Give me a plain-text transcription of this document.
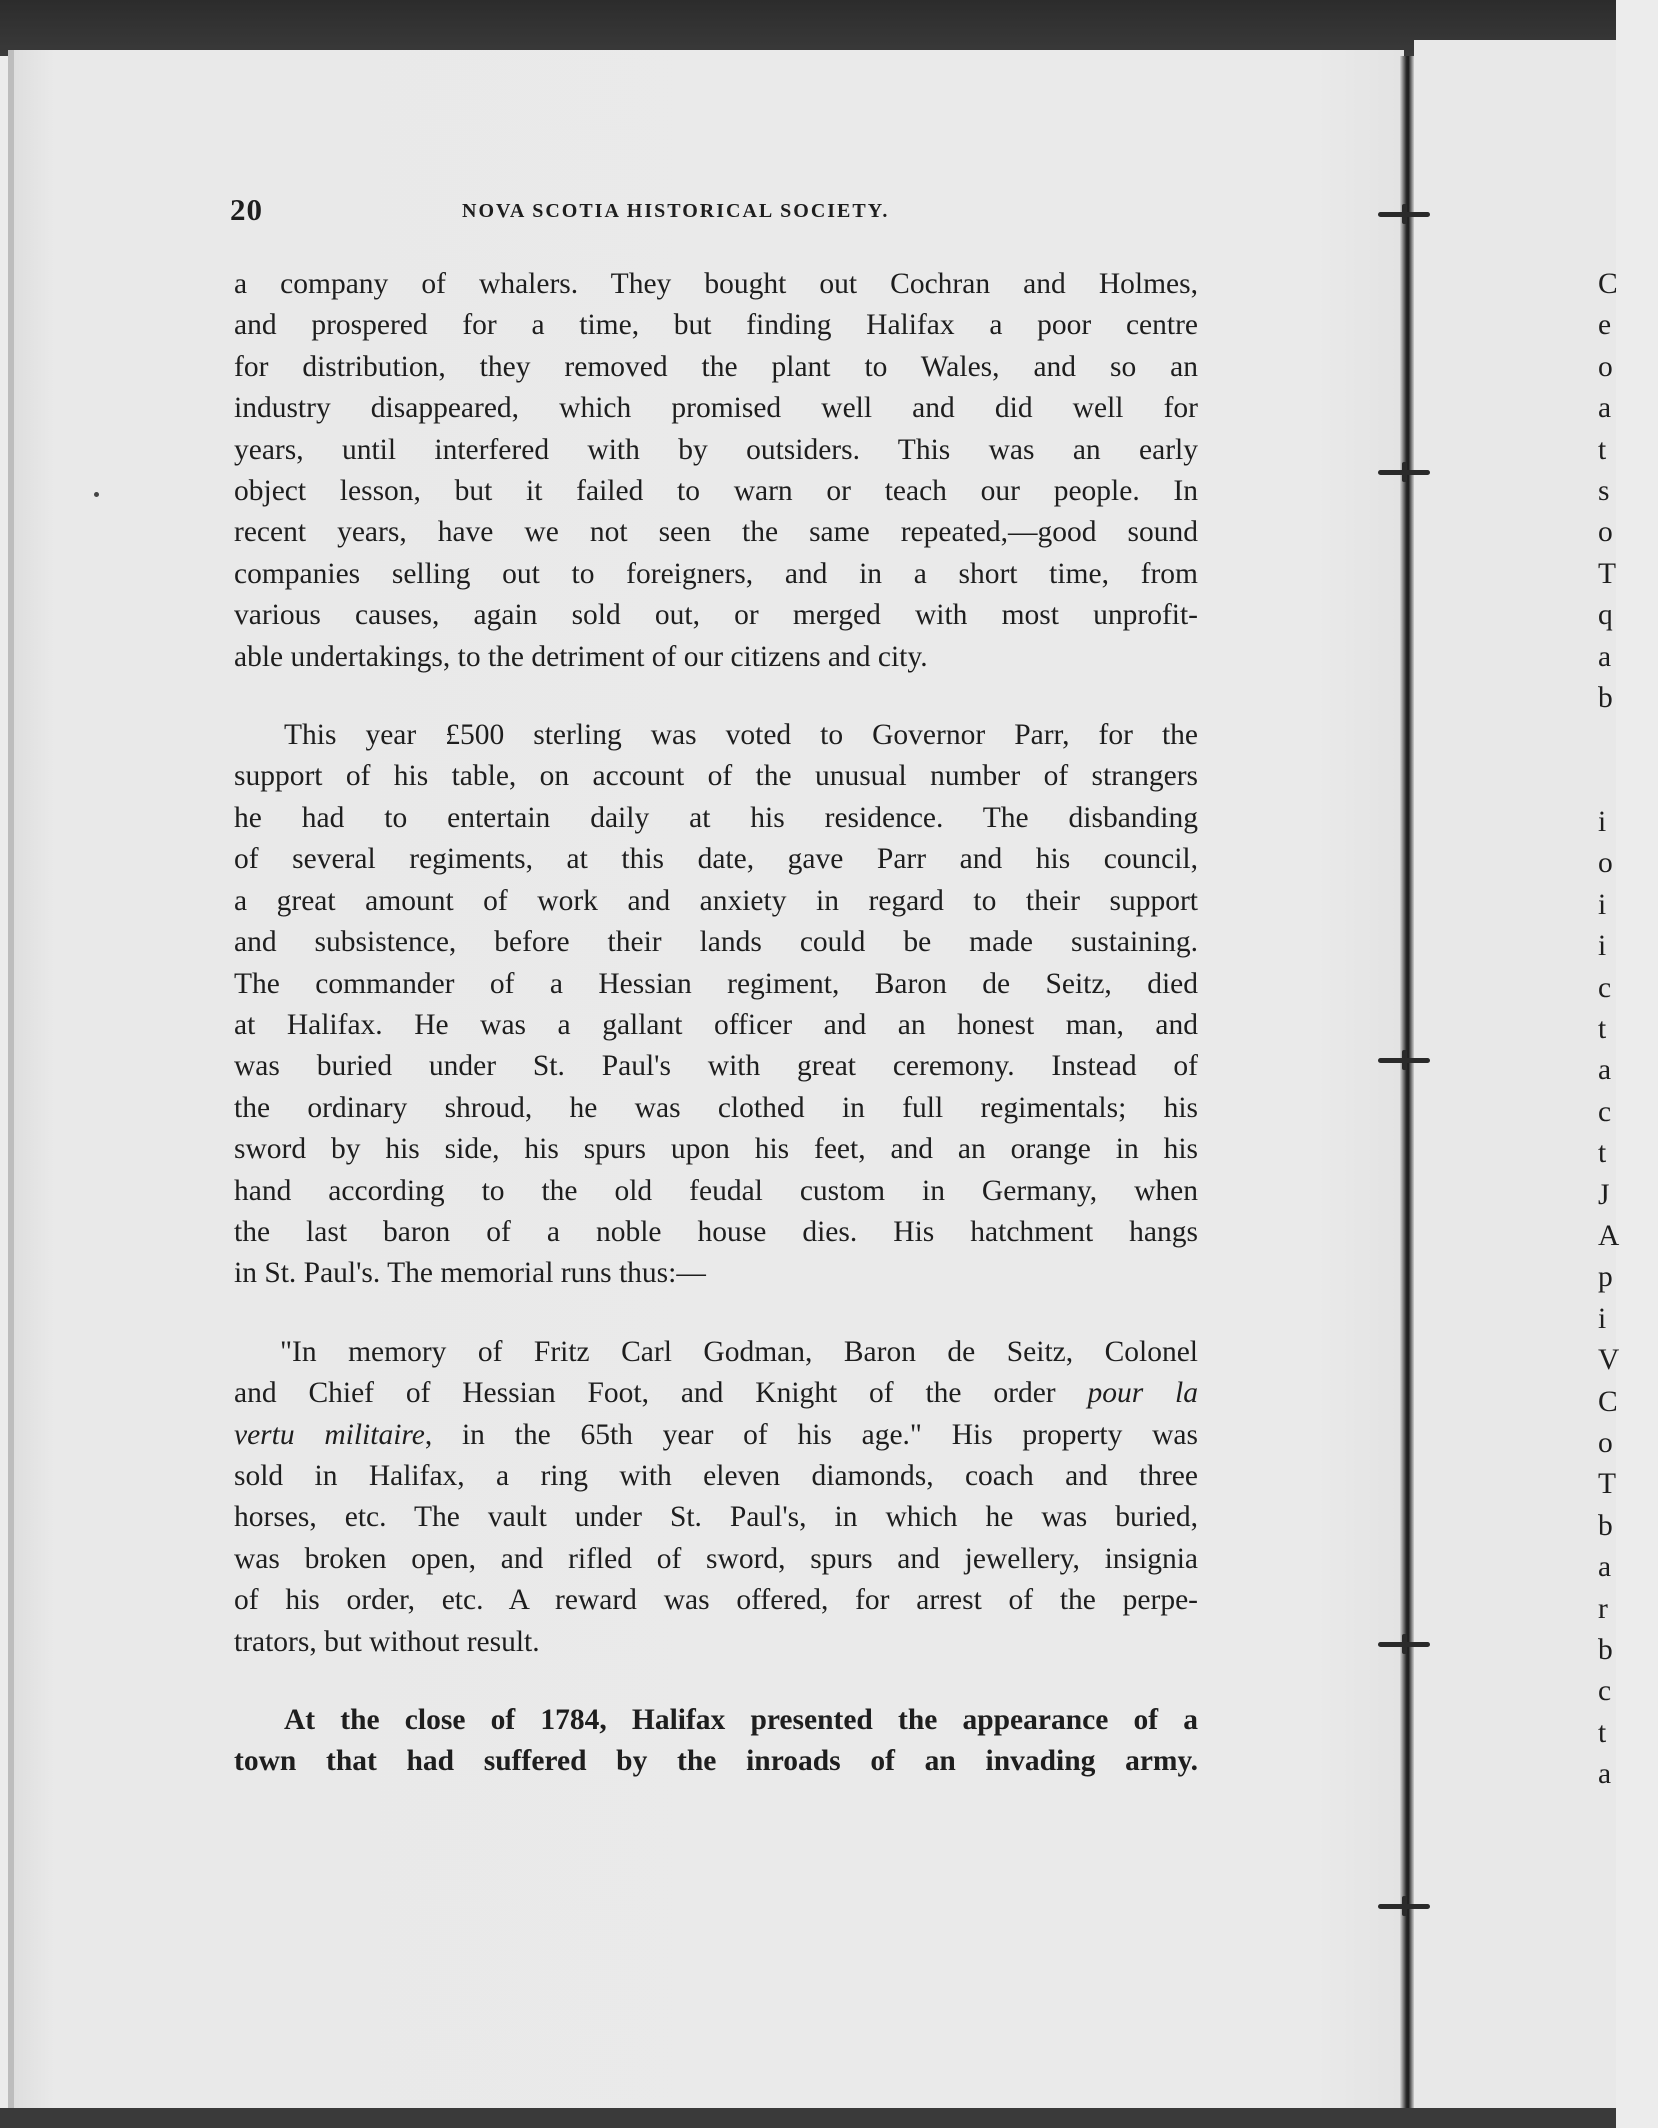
20	NOVA SCOTIA HISTORICAL SOCIETY.
a company of whalers. They bought out Cochran and Holmes,
and prospered for a time, but finding Halifax a poor centre
for distribution, they removed the plant to Wales, and so an
industry disappeared, which promised well and did well for
years, until interfered with by outsiders. This was an early
object lesson, but it failed to warn or teach our people. In
recent years, have we not seen the same repeated,—good sound
companies selling out to foreigners, and in a short time, from
various causes, again sold out, or merged with most unprofit-
able undertakings, to the detriment of our citizens and city.
This year £500 sterling was voted to Governor Parr, for the
support of his table, on account of the unusual number of strangers
he had to entertain daily at his residence. The disbanding
of several regiments, at this date, gave Parr and his council,
a great amount of work and anxiety in regard to their support
and subsistence, before their lands could be made sustaining.
The commander of a Hessian regiment, Baron de Seitz, died
at Halifax. He was a gallant officer and an honest man, and
was buried under St. Paul's with great ceremony. Instead of
the ordinary shroud, he was clothed in full regimentals; his
sword by his side, his spurs upon his feet, and an orange in his
hand according to the old feudal custom in Germany, when
the last baron of a noble house dies. His hatchment hangs
in St. Paul's. The memorial runs thus:—
"In memory of Fritz Carl Godman, Baron de Seitz, Colonel
and Chief of Hessian Foot, and Knight of the order pour la
vertu militaire, in the 65th year of his age." His property was
sold in Halifax, a ring with eleven diamonds, coach and three
horses, etc. The vault under St. Paul's, in which he was buried,
was broken open, and rifled of sword, spurs and jewellery, insignia
of his order, etc. A reward was offered, for arrest of the perpe-
trators, but without result.
At the close of 1784, Halifax presented the appearance of a
town that had suffered by the inroads of an invading army.
C
e
o
a
t
s
o
T
q
a
b
i
o
i
i
c
t
a
c
t
J
A
p
i
V
C
o
T
b
a
r
b
c
t
a
